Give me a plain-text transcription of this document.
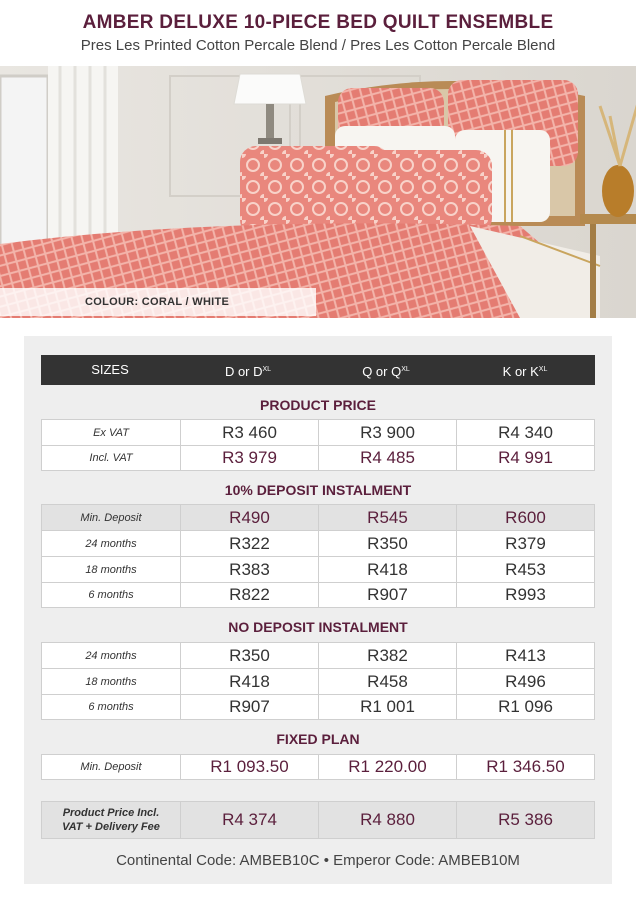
AMBER DELUXE 10-PIECE BED QUILT ENSEMBLE
Pres Les Printed Cotton Percale Blend / Pres Les Cotton Percale Blend
COLOUR: CORAL / WHITE
SIZES	D or $D^{XL}$	Q or $Q^{XL}$	K or $K^{XL}$
PRODUCT PRICE
Ex VAT	R3 460	R3 900	R4 340
Incl. VAT	R3 979	R4 485	R4 991
10% DEPOSIT INSTALMENT
Min. Deposit	R490	R545	R600
24 months	R322	R350	R379
18 months	R383	R418	R453
6 months	R822	R907	R993
NO DEPOSIT INSTALMENT
24 months	R350	R382	R413
18 months	R418	R458	R496
6 months	R907	R1 001	R1 096
FIXED PLAN
Min. Deposit	R1 093.50	R1 220.00	R1 346.50
Product Price Incl.
VAT + Delivery Fee	R4 374	R4 880	R5 386
Continental Code: AMBEB10C • Emperor Code: AMBEB10M
